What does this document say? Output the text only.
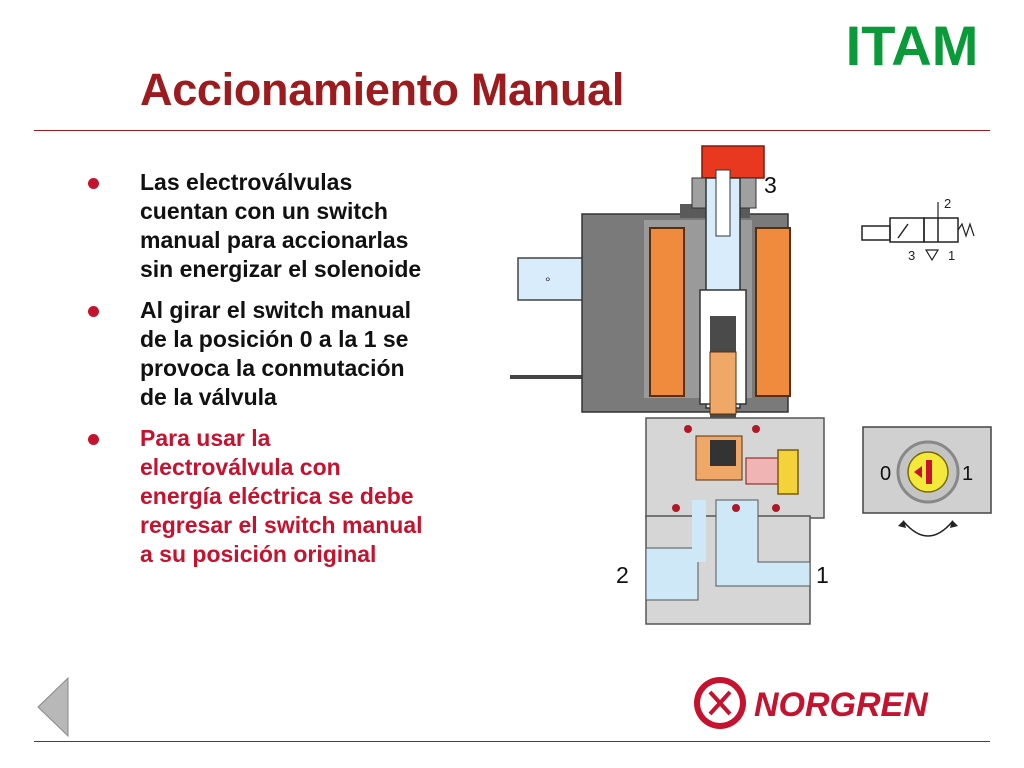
Accionamiento Manual
ITAM
Las electroválvulas
cuentan con un switch
manual para accionarlas
sin energizar el solenoide
Al girar el switch manual
de la posición 0 a la 1 se
provoca la conmutación
de la válvula
Para usar la
electroválvula con
energía eléctrica se debe
regresar el switch manual
a su posición original
°
3
2	1
2
3	1
0	1
NORGREN
